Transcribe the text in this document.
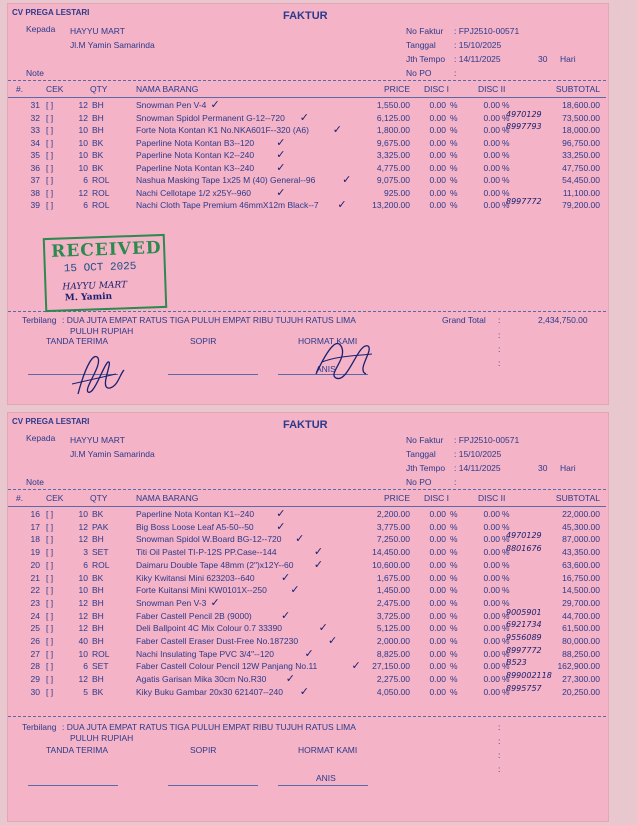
CV PREGA LESTARI	FAKTUR
Kepada HAYYU MART
Jl.M Yamin Samarinda
Note
No Faktur : FPJ2510-00571
Tanggal : 15/10/2025
Jth Tempo : 14/11/2025	30 Hari
No PO	:
#.	CEK	QTY	NAMA BARANG	PRICE DISC I	DISC II	SUBTOTAL
31 [ ]	12 BH	Snowman Pen V-4	1,550.00	0.00 %	0.00 %	18,600.00
✓
32 [ ]	12 BH	Snowman Spidol Permanent G-12--720	6,125.00	0.00 %	0.00 %	73,500.00
✓	4970129
33 [ ]	10 BH	Forte Nota Kontan K1 No.NKA601F--320 (A6)	1,800.00	0.00 %	0.00 %	18,000.00
✓	8997793
34 [ ]	10 BK	Paperline Nota Kontan B3--120	9,675.00	0.00 %	0.00 %	96,750.00
✓
35 [ ]	10 BK	Paperline Nota Kontan K2--240	3,325.00	0.00 %	0.00 %	33,250.00
✓
36 [ ]	10 BK	Paperline Nota Kontan K3--240	4,775.00	0.00 %	0.00 %	47,750.00
✓
37 [ ]	6 ROL	Nashua Masking Tape 1x25 M (40) General--96	9,075.00	0.00 %	0.00 %	54,450.00
✓
38 [ ]	12 ROL	Nachi Cellotape 1/2 x25Y--960	925.00	0.00 %	0.00 %	11,100.00
✓
39 [ ]	6 ROL	Nachi Cloth Tape Premium 46mmX12m Black--7	13,200.00	0.00 %	0.00 %	79,200.00
✓	8997772
Terbilang : DUA JUTA EMPAT RATUS TIGA PULUH EMPAT RIBU TUJUH RATUS LIMA
PULUH RUPIAH
Grand Total :	2,434,750.00
:
:
:
TANDA TERIMA	SOPIR	HORMAT KAMI
ANIS
RECEIVED
15 OCT 2025
HAYYU MART
M. Yamin
CV PREGA LESTARI	FAKTUR
Kepada HAYYU MART
Jl.M Yamin Samarinda
Note
No Faktur : FPJ2510-00571
Tanggal : 15/10/2025
Jth Tempo : 14/11/2025	30 Hari
No PO	:
#.	CEK	QTY	NAMA BARANG	PRICE DISC I	DISC II	SUBTOTAL
16 [ ]	10 BK	Paperline Nota Kontan K1--240	2,200.00	0.00 %	0.00 %	22,000.00
✓
17 [ ]	12 PAK	Big Boss Loose Leaf A5-50--50	3,775.00	0.00 %	0.00 %	45,300.00
✓
18 [ ]	12 BH	Snowman Spidol W.Board BG-12--720	7,250.00	0.00 %	0.00 %	87,000.00
✓	4970129
19 [ ]	3 SET	Titi Oil Pastel TI-P-12S PP.Case--144	14,450.00	0.00 %	0.00 %	43,350.00
✓	8801676
20 [ ]	6 ROL	Daimaru Double Tape 48mm (2")x12Y--60	10,600.00	0.00 %	0.00 %	63,600.00
✓
21 [ ]	10 BK	Kiky Kwitansi Mini 623203--640	1,675.00	0.00 %	0.00 %	16,750.00
✓
22 [ ]	10 BH	Forte Kuitansi Mini KW0101X--250	1,450.00	0.00 %	0.00 %	14,500.00
✓
23 [ ]	12 BH	Snowman Pen V-3	2,475.00	0.00 %	0.00 %	29,700.00
✓
24 [ ]	12 BH	Faber Castell Pencil 2B (9000)	3,725.00	0.00 %	0.00 %	44,700.00
✓	9005901
25 [ ]	12 BH	Deli Ballpoint 4C Mix Colour 0.7 33390	5,125.00	0.00 %	0.00 %	61,500.00
✓	6921734
26 [ ]	40 BH	Faber Castell Eraser Dust-Free No.187230	2,000.00	0.00 %	0.00 %	80,000.00
✓	9556089
27 [ ]	10 ROL	Nachi Insulating Tape PVC 3/4"--120	8,825.00	0.00 %	0.00 %	88,250.00
✓	8997772
28 [ ]	6 SET	Faber Castell Colour Pencil 12W Panjang No.11	27,150.00	0.00 %	0.00 %	162,900.00
✓	B523
29 [ ]	12 BH	Agatis Garisan Mika 30cm No.R30	2,275.00	0.00 %	0.00 %	27,300.00
✓	899002118
30 [ ]	5 BK	Kiky Buku Gambar 20x30 621407--240	4,050.00	0.00 %	0.00 %	20,250.00
✓	8995757
Terbilang : DUA JUTA EMPAT RATUS TIGA PULUH EMPAT RIBU TUJUH RATUS LIMA
PULUH RUPIAH
:
:
:
:
TANDA TERIMA	SOPIR	HORMAT KAMI
ANIS
